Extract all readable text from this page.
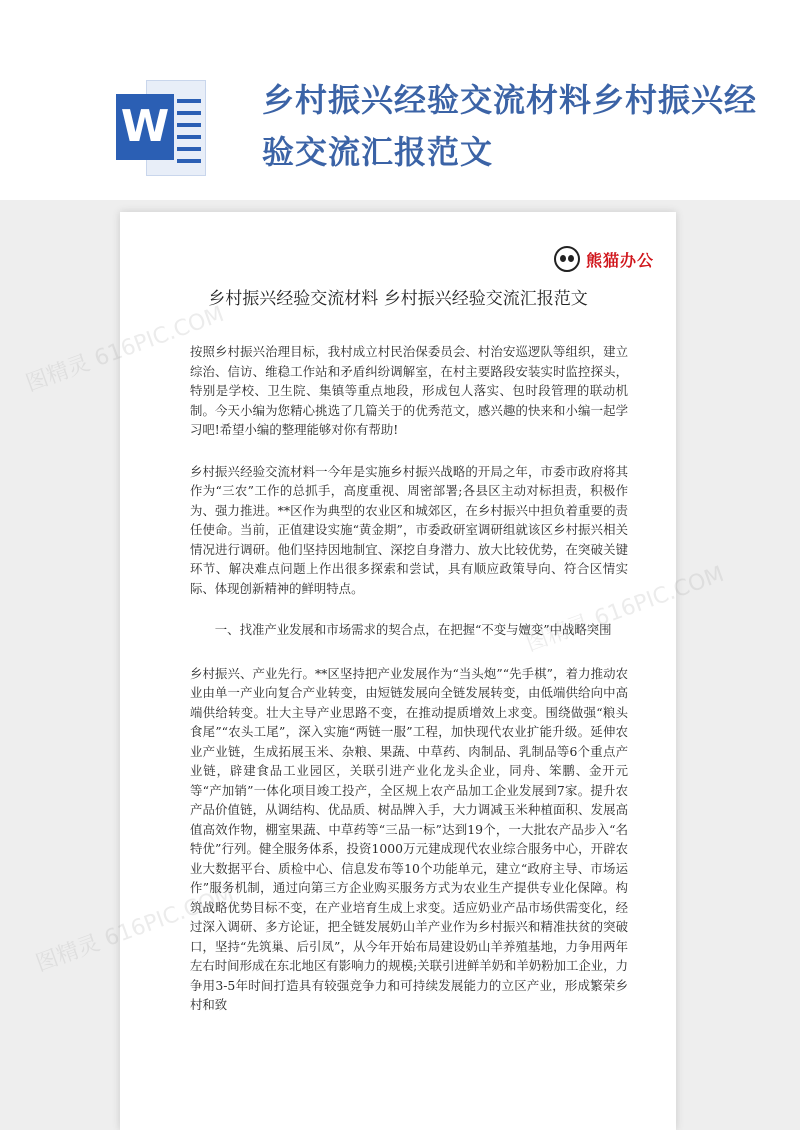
W
乡村振兴经验交流材料乡村振兴经验交流汇报范文
图精灵 616PIC.COM
图精灵 616PIC.COM
图精灵 616PIC.COM
熊猫办公
乡村振兴经验交流材料 乡村振兴经验交流汇报范文

按照乡村振兴治理目标，我村成立村民治保委员会、村治安巡逻队等组织，建立综治、信访、维稳工作站和矛盾纠纷调解室，在村主要路段安装实时监控探头，特别是学校、卫生院、集镇等重点地段，形成包人落实、包时段管理的联动机制。今天小编为您精心挑选了几篇关于的优秀范文，感兴趣的快来和小编一起学习吧!希望小编的整理能够对你有帮助!

乡村振兴经验交流材料一今年是实施乡村振兴战略的开局之年，市委市政府将其作为“三农”工作的总抓手，高度重视、周密部署;各县区主动对标担责，积极作为、强力推进。**区作为典型的农业区和城郊区，在乡村振兴中担负着重要的责任使命。当前，正值建设实施“黄金期”，市委政研室调研组就该区乡村振兴相关情况进行调研。他们坚持因地制宜、深挖自身潜力、放大比较优势，在突破关键环节、解决难点问题上作出很多探索和尝试，具有顺应政策导向、符合区情实际、体现创新精神的鲜明特点。

一、找准产业发展和市场需求的契合点，在把握“不变与嬗变”中战略突围

乡村振兴、产业先行。**区坚持把产业发展作为“当头炮”“先手棋”，着力推动农业由单一产业向复合产业转变，由短链发展向全链发展转变，由低端供给向中高端供给转变。壮大主导产业思路不变，在推动提质增效上求变。围绕做强“粮头食尾”“农头工尾”，深入实施“两链一服”工程，加快现代农业扩能升级。延伸农业产业链，生成拓展玉米、杂粮、果蔬、中草药、肉制品、乳制品等6个重点产业链，辟建食品工业园区，关联引进产业化龙头企业，同舟、笨鹏、金开元等“产加销”一体化项目竣工投产，全区规上农产品加工企业发展到7家。提升农产品价值链，从调结构、优品质、树品牌入手，大力调减玉米种植面积、发展高值高效作物，棚室果蔬、中草药等“三品一标”达到19个，一大批农产品步入“名特优”行列。健全服务体系，投资1000万元建成现代农业综合服务中心，开辟农业大数据平台、质检中心、信息发布等10个功能单元，建立“政府主导、市场运作”服务机制，通过向第三方企业购买服务方式为农业生产提供专业化保障。构筑战略优势目标不变，在产业培育生成上求变。适应奶业产品市场供需变化，经过深入调研、多方论证，把全链发展奶山羊产业作为乡村振兴和精准扶贫的突破口，坚持“先筑巢、后引凤”，从今年开始布局建设奶山羊养殖基地，力争用两年左右时间形成在东北地区有影响力的规模;关联引进鲜羊奶和羊奶粉加工企业，力争用3-5年时间打造具有较强竞争力和可持续发展能力的立区产业，形成繁荣乡村和致
